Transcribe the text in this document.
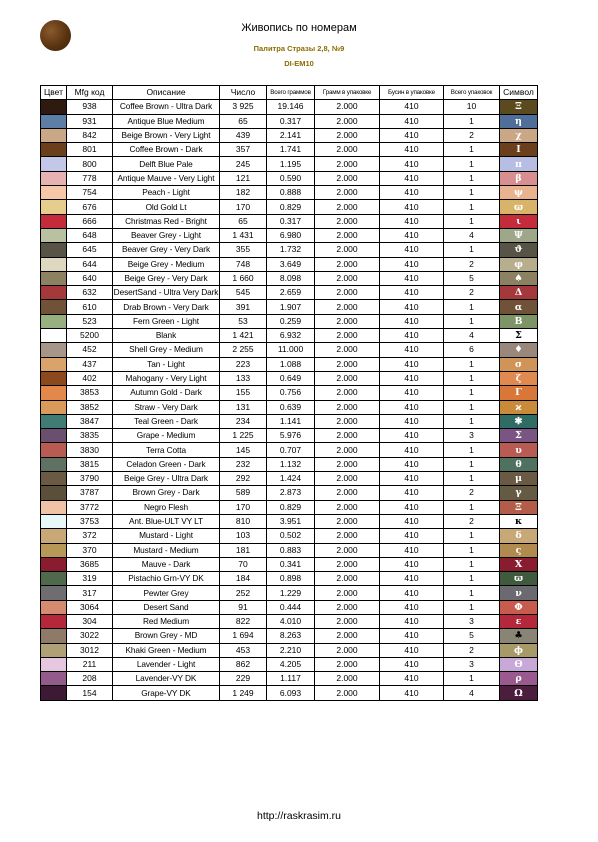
Живопись по номерам
Палитра Стразы 2,8, №9
DI-EM10
Цвет	Mfg код	Описание	Число	Всего граммов	Грамм в упаковке	Бусин в упаковке	Всего упаковок	Символ
	938	Coffee Brown - Ultra Dark	3 925	19.146	2.000	410	10	Ξ
	931	Antique Blue Medium	65	0.317	2.000	410	1	η
	842	Beige Brown - Very Light	439	2.141	2.000	410	2	χ
	801	Coffee Brown - Dark	357	1.741	2.000	410	1	Ι
	800	Delft Blue Pale	245	1.195	2.000	410	1	π
	778	Antique Mauve - Very Light	121	0.590	2.000	410	1	β
	754	Peach - Light	182	0.888	2.000	410	1	ψ
	676	Old Gold Lt	170	0.829	2.000	410	1	ϖ
	666	Christmas Red - Bright	65	0.317	2.000	410	1	ι
	648	Beaver Grey - Light	1 431	6.980	2.000	410	4	Ψ
	645	Beaver Grey - Very Dark	355	1.732	2.000	410	1	ϑ
	644	Beige Grey - Medium	748	3.649	2.000	410	2	φ
	640	Beige Grey - Very Dark	1 660	8.098	2.000	410	5	♠
	632	DesertSand - Ultra Very Dark	545	2.659	2.000	410	2	Δ
	610	Drab Brown - Very Dark	391	1.907	2.000	410	1	α
	523	Fern Green - Light	53	0.259	2.000	410	1	Β
	5200	Blank	1 421	6.932	2.000	410	4	Σ
	452	Shell Grey - Medium	2 255	11.000	2.000	410	6	♦
	437	Tan - Light	223	1.088	2.000	410	1	σ
	402	Mahogany - Very Light	133	0.649	2.000	410	1	ζ
	3853	Autumn Gold - Dark	155	0.756	2.000	410	1	Γ
	3852	Straw - Very Dark	131	0.639	2.000	410	1	ϰ
	3847	Teal Green - Dark	234	1.141	2.000	410	1	✱
	3835	Grape - Medium	1 225	5.976	2.000	410	3	Σ
	3830	Terra Cotta	145	0.707	2.000	410	1	υ
	3815	Celadon Green - Dark	232	1.132	2.000	410	1	θ
	3790	Beige Grey - Ultra Dark	292	1.424	2.000	410	1	μ
	3787	Brown Grey - Dark	589	2.873	2.000	410	2	γ
	3772	Negro Flesh	170	0.829	2.000	410	1	Ξ
	3753	Ant. Blue-ULT VY LT	810	3.951	2.000	410	2	κ
	372	Mustard - Light	103	0.502	2.000	410	1	δ
	370	Mustard - Medium	181	0.883	2.000	410	1	ς
	3685	Mauve - Dark	70	0.341	2.000	410	1	Χ
	319	Pistachio Grn-VY DK	184	0.898	2.000	410	1	ϖ
	317	Pewter Grey	252	1.229	2.000	410	1	ν
	3064	Desert Sand	91	0.444	2.000	410	1	Φ
	304	Red Medium	822	4.010	2.000	410	3	ε
	3022	Brown Grey - MD	1 694	8.263	2.000	410	5	♣
	3012	Khaki Green - Medium	453	2.210	2.000	410	2	ϕ
	211	Lavender - Light	862	4.205	2.000	410	3	ϴ
	208	Lavender-VY DK	229	1.117	2.000	410	1	ρ
	154	Grape-VY DK	1 249	6.093	2.000	410	4	Ω
http://raskrasim.ru
